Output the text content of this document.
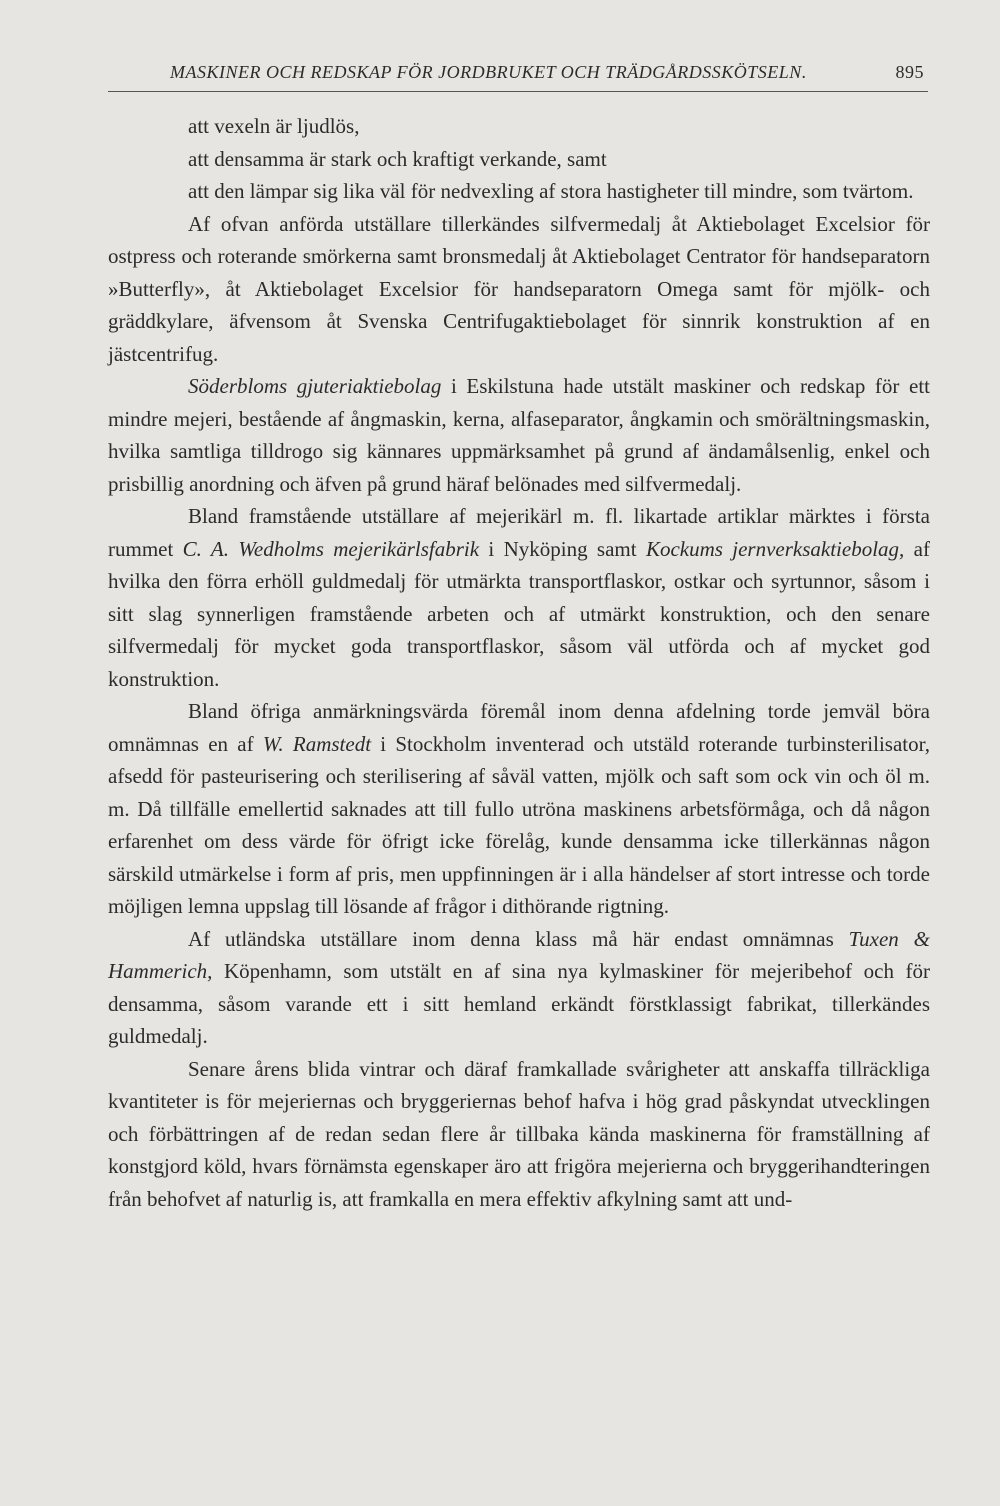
MASKINER OCH REDSKAP FÖR JORDBRUKET OCH TRÄDGÅRDSSKÖTSELN.	895

att vexeln är ljudlös,

att densamma är stark och kraftigt verkande, samt

att den lämpar sig lika väl för nedvexling af stora hastigheter till mindre, som tvärtom.

Af ofvan anförda utställare tillerkändes silfvermedalj åt Aktiebolaget Excelsior för ostpress och roterande smörkerna samt bronsmedalj åt Aktiebolaget Centrator för handseparatorn »Butterfly», åt Aktiebolaget Excelsior för handseparatorn Omega samt för mjölk- och gräddkylare, äfvensom åt Svenska Centrifugaktiebolaget för sinnrik konstruktion af en jästcentrifug.

Söderbloms gjuteriaktiebolag i Eskilstuna hade utstält maskiner och redskap för ett mindre mejeri, bestående af ångmaskin, kerna, alfaseparator, ångkamin och smörältningsmaskin, hvilka samtliga tilldrogo sig kännares uppmärksamhet på grund af ändamålsenlig, enkel och prisbillig anordning och äfven på grund häraf belönades med silfvermedalj.

Bland framstående utställare af mejerikärl m. fl. likartade artiklar märktes i första rummet C. A. Wedholms mejerikärlsfabrik i Nyköping samt Kockums jernverksaktiebolag, af hvilka den förra erhöll guldmedalj för utmärkta transportflaskor, ostkar och syrtunnor, såsom i sitt slag synnerligen framstående arbeten och af utmärkt konstruktion, och den senare silfvermedalj för mycket goda transportflaskor, såsom väl utförda och af mycket god konstruktion.

Bland öfriga anmärkningsvärda föremål inom denna afdelning torde jemväl böra omnämnas en af W. Ramstedt i Stockholm inventerad och utstäld roterande turbinsterilisator, afsedd för pasteurisering och sterilisering af såväl vatten, mjölk och saft som ock vin och öl m. m. Då tillfälle emellertid saknades att till fullo utröna maskinens arbetsförmåga, och då någon erfarenhet om dess värde för öfrigt icke förelåg, kunde densamma icke tillerkännas någon särskild utmärkelse i form af pris, men uppfinningen är i alla händelser af stort intresse och torde möjligen lemna uppslag till lösande af frågor i dithörande rigtning.

Af utländska utställare inom denna klass må här endast omnämnas Tuxen & Hammerich, Köpenhamn, som utstält en af sina nya kylmaskiner för mejeribehof och för densamma, såsom varande ett i sitt hemland erkändt förstklassigt fabrikat, tillerkändes guldmedalj.

Senare årens blida vintrar och däraf framkallade svårigheter att anskaffa tillräckliga kvantiteter is för mejeriernas och bryggeriernas behof hafva i hög grad påskyndat utvecklingen och förbättringen af de redan sedan flere år tillbaka kända maskinerna för framställning af konstgjord köld, hvars förnämsta egenskaper äro att frigöra mejerierna och bryggerihandteringen från behofvet af naturlig is, att framkalla en mera effektiv afkylning samt att und-
